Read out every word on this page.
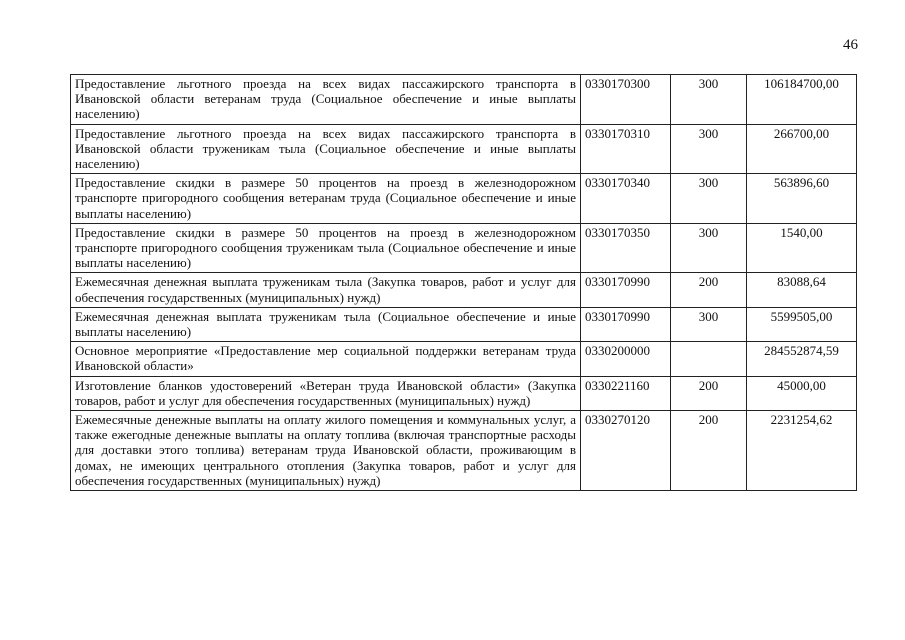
46
Предоставление льготного проезда на всех видах пассажирского транспорта в Ивановской области ветеранам труда (Социальное обеспечение и иные выплаты населению)	0330170300	300	106184700,00
Предоставление льготного проезда на всех видах пассажирского транспорта в Ивановской области труженикам тыла (Социальное обеспечение и иные выплаты населению)	0330170310	300	266700,00
Предоставление скидки в размере 50 процентов на проезд в железнодорожном транспорте пригородного сообщения ветеранам труда (Социальное обеспечение и иные выплаты населению)	0330170340	300	563896,60
Предоставление скидки в размере 50 процентов на проезд в железнодорожном транспорте пригородного сообщения труженикам тыла (Социальное обеспечение и иные выплаты населению)	0330170350	300	1540,00
Ежемесячная денежная выплата труженикам тыла (Закупка товаров, работ и услуг для обеспечения государственных (муниципальных) нужд)	0330170990	200	83088,64
Ежемесячная денежная выплата труженикам тыла (Социальное обеспечение и иные выплаты населению)	0330170990	300	5599505,00
Основное мероприятие «Предоставление мер социальной поддержки ветеранам труда Ивановской области»	0330200000		284552874,59
Изготовление бланков удостоверений «Ветеран труда Ивановской области» (Закупка товаров, работ и услуг для обеспечения государственных (муниципальных) нужд)	0330221160	200	45000,00
Ежемесячные денежные выплаты на оплату жилого помещения и коммунальных услуг, а также ежегодные денежные выплаты на оплату топлива (включая транспортные расходы для доставки этого топлива) ветеранам труда Ивановской области, проживающим в домах, не имеющих центрального отопления (Закупка товаров, работ и услуг для обеспечения государственных (муниципальных) нужд)	0330270120	200	2231254,62
